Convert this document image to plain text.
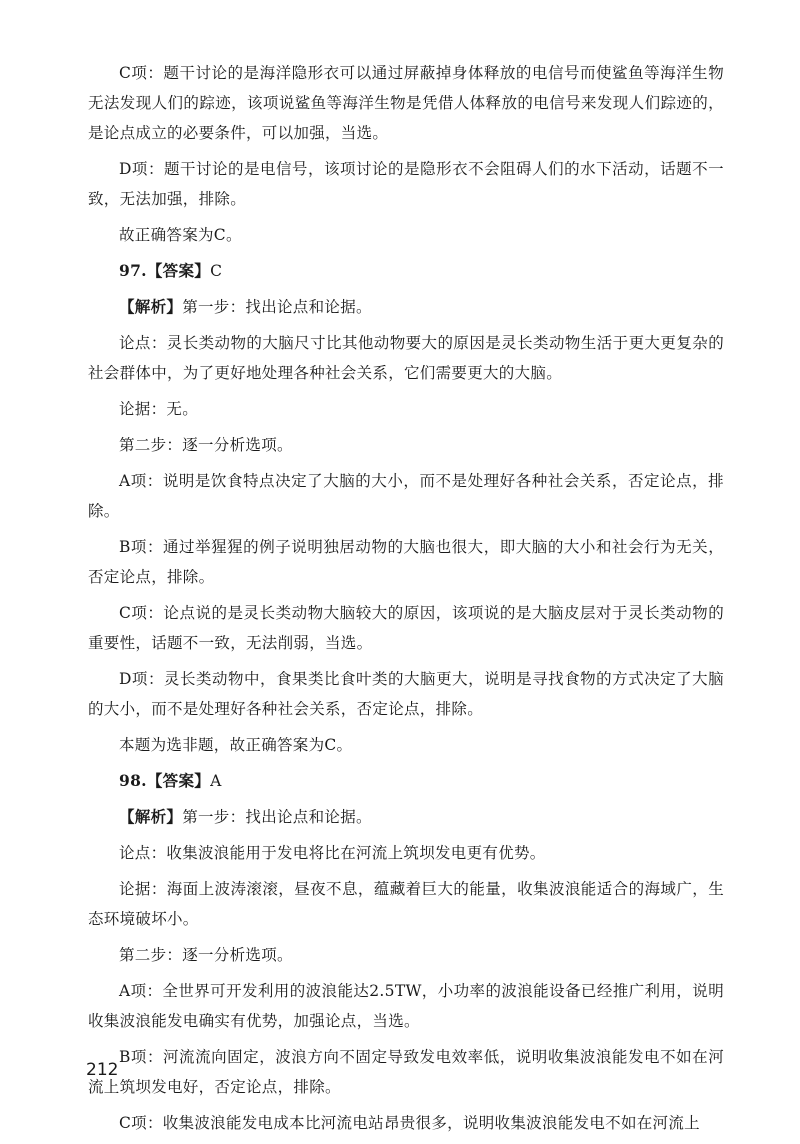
C项：题干讨论的是海洋隐形衣可以通过屏蔽掉身体释放的电信号而使鲨鱼等海洋生物无法发现人们的踪迹，该项说鲨鱼等海洋生物是凭借人体释放的电信号来发现人们踪迹的，是论点成立的必要条件，可以加强，当选。

D项：题干讨论的是电信号，该项讨论的是隐形衣不会阻碍人们的水下活动，话题不一致，无法加强，排除。

故正确答案为C。

97.【答案】C

【解析】第一步：找出论点和论据。

论点：灵长类动物的大脑尺寸比其他动物要大的原因是灵长类动物生活于更大更复杂的社会群体中，为了更好地处理各种社会关系，它们需要更大的大脑。

论据：无。

第二步：逐一分析选项。

A项：说明是饮食特点决定了大脑的大小，而不是处理好各种社会关系，否定论点，排除。

B项：通过举猩猩的例子说明独居动物的大脑也很大，即大脑的大小和社会行为无关，否定论点，排除。

C项：论点说的是灵长类动物大脑较大的原因，该项说的是大脑皮层对于灵长类动物的重要性，话题不一致，无法削弱，当选。

D项：灵长类动物中，食果类比食叶类的大脑更大，说明是寻找食物的方式决定了大脑的大小，而不是处理好各种社会关系，否定论点，排除。

本题为选非题，故正确答案为C。

98.【答案】A

【解析】第一步：找出论点和论据。

论点：收集波浪能用于发电将比在河流上筑坝发电更有优势。

论据：海面上波涛滚滚，昼夜不息，蕴藏着巨大的能量，收集波浪能适合的海域广，生态环境破坏小。

第二步：逐一分析选项。

A项：全世界可开发利用的波浪能达2.5TW，小功率的波浪能设备已经推广利用，说明收集波浪能发电确实有优势，加强论点，当选。

B项：河流流向固定，波浪方向不固定导致发电效率低，说明收集波浪能发电不如在河流上筑坝发电好，否定论点，排除。

C项：收集波浪能发电成本比河流电站昂贵很多，说明收集波浪能发电不如在河流上

212
